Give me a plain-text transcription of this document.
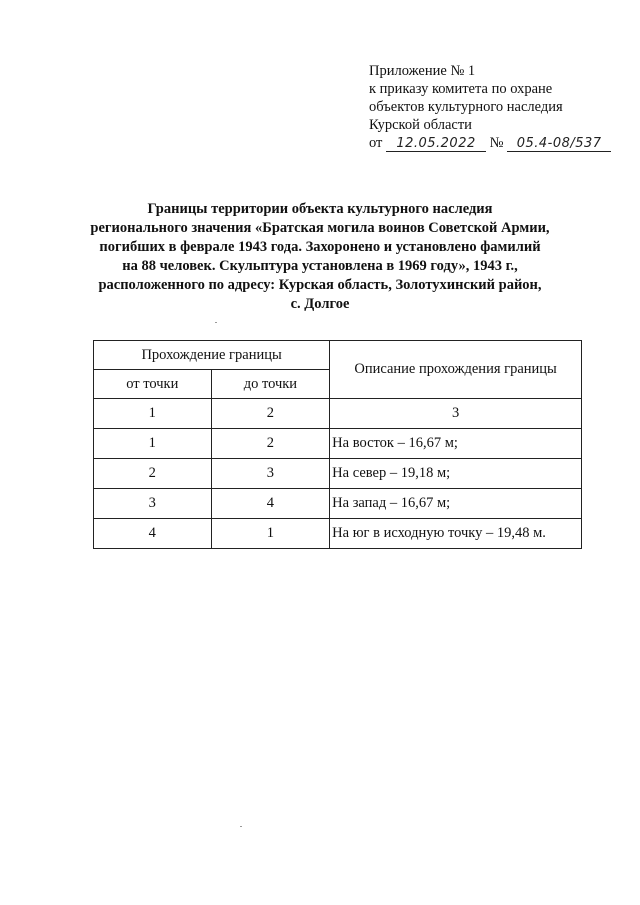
Приложение № 1
к приказу комитета по охране
объектов культурного наследия
Курской области
от 12.05.2022 № 05.4-08/537
Границы территории объекта культурного наследия
регионального значения «Братская могила воинов Советской Армии,
погибших в феврале 1943 года. Захоронено и установлено фамилий
на 88 человек. Скульптура установлена в 1969 году», 1943 г.,
расположенного по адресу: Курская область, Золотухинский район,
с. Долгое
Прохождение границы		Описание прохождения границы
от точки	до точки	
1	2	3
1	2	На восток – 16,67 м;
2	3	На север – 19,18 м;
3	4	На запад – 16,67 м;
4	1	На юг в исходную точку – 19,48 м.
